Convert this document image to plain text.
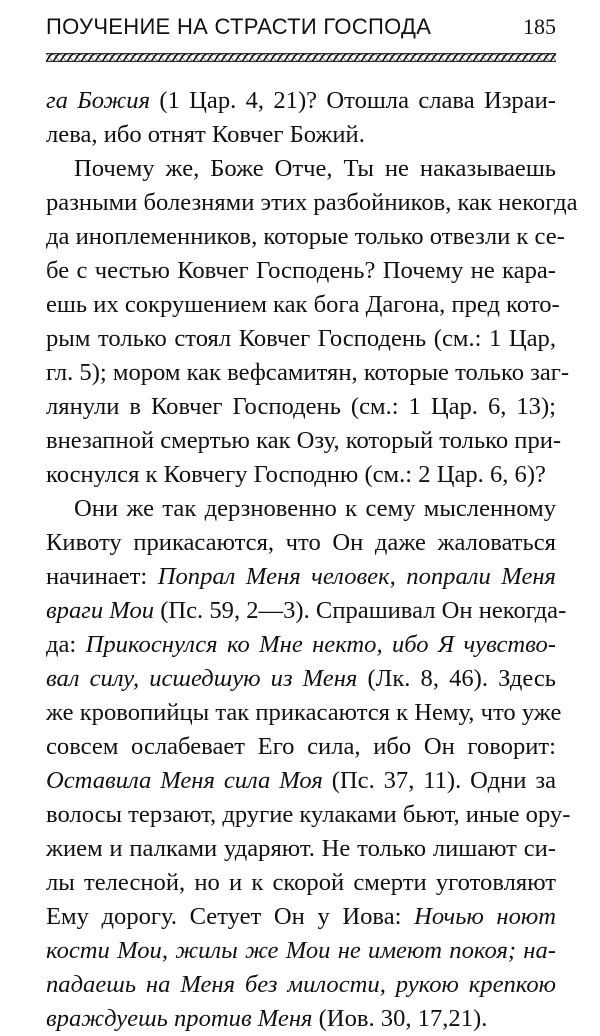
ПОУЧЕНИЕ НА СТРАСТИ ГОСПОДА	185
га Божия (1 Цар. 4, 21)? Отошла слава Израи-
лева, ибо отнят Ковчег Божий.
Почему же, Боже Отче, Ты не наказываешь
разными болезнями этих разбойников, как некогда
да иноплеменников, которые только отвезли к се-
бе с честью Ковчег Господень? Почему не кара-
ешь их сокрушением как бога Дагона, пред кото-
рым только стоял Ковчег Господень (см.: 1 Цар,
гл. 5); мором как вефсамитян, которые только заг-
лянули в Ковчег Господень (см.: 1 Цар. 6, 13);
внезапной смертью как Озу, который только при-
коснулся к Ковчегу Господню (см.: 2 Цар. 6, 6)?
Они же так дерзновенно к сему мысленному
Кивоту прикасаются, что Он даже жаловаться
начинает: Попрал Меня человек, попрали Меня
враги Мои (Пс. 59, 2—3). Спрашивал Он некогда-
да: Прикоснулся ко Мне некто, ибо Я чувство-
вал силу, исшедшую из Меня (Лк. 8, 46). Здесь
же кровопийцы так прикасаются к Нему, что уже
совсем ослабевает Его сила, ибо Он говорит:
Оставила Меня сила Моя (Пс. 37, 11). Одни за
волосы терзают, другие кулаками бьют, иные ору-
жием и палками ударяют. Не только лишают си-
лы телесной, но и к скорой смерти уготовляют
Ему дорогу. Сетует Он у Иова: Ночью ноют
кости Мои, жилы же Мои не имеют покоя; на-
падаешь на Меня без милости, рукою крепкою
враждуешь против Меня (Иов. 30, 17,21).
